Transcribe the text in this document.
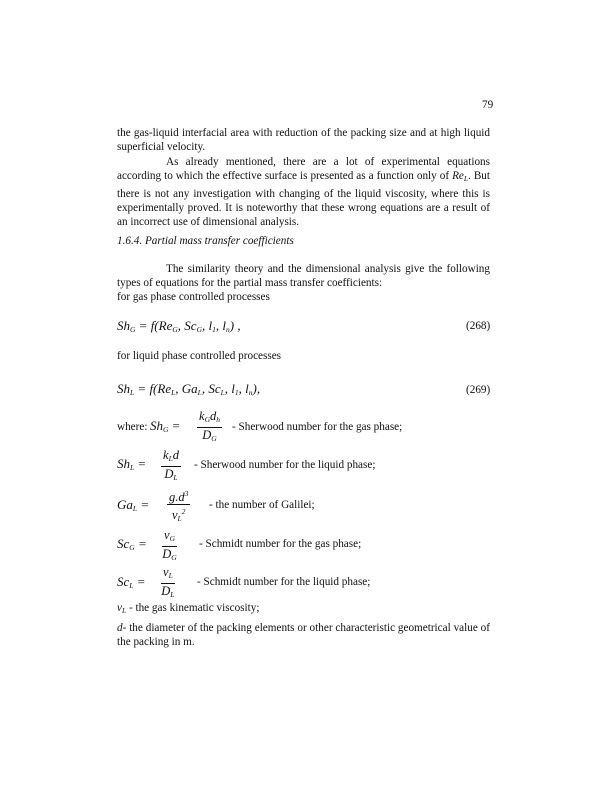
79
the gas-liquid interfacial area with reduction of the packing size and at high liquid superficial velocity.
As already mentioned, there are a lot of experimental equations according to which the effective surface is presented as a function only of $Re_L$. But there is not any investigation with changing of the liquid viscosity, where this is experimentally proved. It is noteworthy that these wrong equations are a result of an incorrect use of dimensional analysis.
1.6.4. Partial mass transfer coefficients
The similarity theory and the dimensional analysis give the following types of equations for the partial mass transfer coefficients:
for gas phase controlled processes
$Sh_G = f(Re_G$, $Sc_G$, $l_1$, $l_n$) ,	(268)
for liquid phase controlled processes
$Sh_L = f(Re_L$, $Ga_L$, $Sc_L$, $l_1$, $l_n$),	(269)
where: $Sh_G$ =
$k_Gd_h$
$D_G$
- Sherwood number for the gas phase;
$Sh_L$ =
$k_Ld$
$D_L$
- Sherwood number for the liquid phase;
$Ga_L = \frac{g.d^3}{\nu_L^2}$ - the number of Galilei;
$Sc_G = \frac{\nu_G}{D_G}$ - Schmidt number for the gas phase;
$Sc_L = \frac{\nu_L}{D_L}$ - Schmidt number for the liquid phase;
$\nu_L$ - the gas kinematic viscosity;
d- the diameter of the packing elements or other characteristic geometrical value of the packing in m.
